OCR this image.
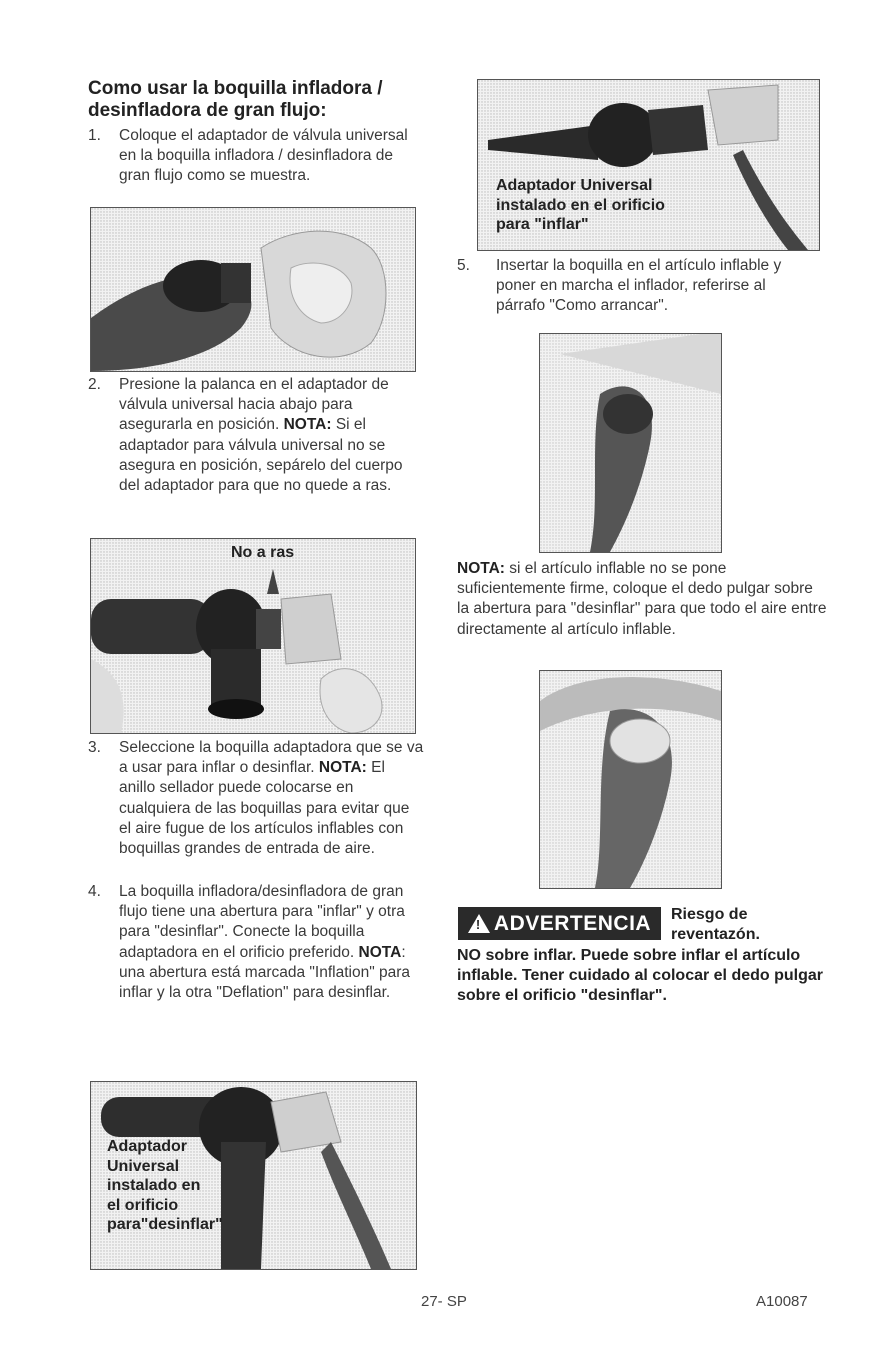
Como usar la boquilla infladora / desinfladora de gran flujo:
1. Coloque el adaptador de válvula universal en la boquilla infladora / desinfladora de gran flujo como se muestra.
2. Presione la palanca en el adaptador de válvula universal hacia abajo para asegurarla en posición. NOTA: Si el adaptador para válvula universal no se asegura en posición, sepárelo del cuerpo del adaptador para que no quede a ras.
No a ras
3. Seleccione la boquilla adaptadora que se va a usar para inflar o desinflar. NOTA: El anillo sellador puede colocarse en cualquiera de las boquillas para evitar que el aire fugue de los artículos inflables con boquillas grandes de entrada de aire.
4. La boquilla infladora/desinfladora de gran flujo tiene una abertura para "inflar" y otra para "desinflar". Conecte la boquilla adaptadora en el orificio preferido. NOTA: una abertura está marcada "Inflation" para inflar y la otra "Deflation" para desinflar.
Adaptador
Universal
instalado en
el orificio
para"desinflar"
Adaptador Universal
instalado en el orificio
para "inflar"
5. Insertar la boquilla en el artículo inflable y poner en marcha el inflador, referirse al párrafo "Como arrancar".
NOTA: si el artículo inflable no se pone suficientemente firme, coloque el dedo pulgar sobre la abertura para "desinflar" para que todo el aire entre directamente al artículo inflable.
!
ADVERTENCIA Riesgo de
reventazón.
NO sobre inflar. Puede sobre inflar el artículo inflable. Tener cuidado al colocar el dedo pulgar sobre el orificio "desinflar".
27- SP	A10087
